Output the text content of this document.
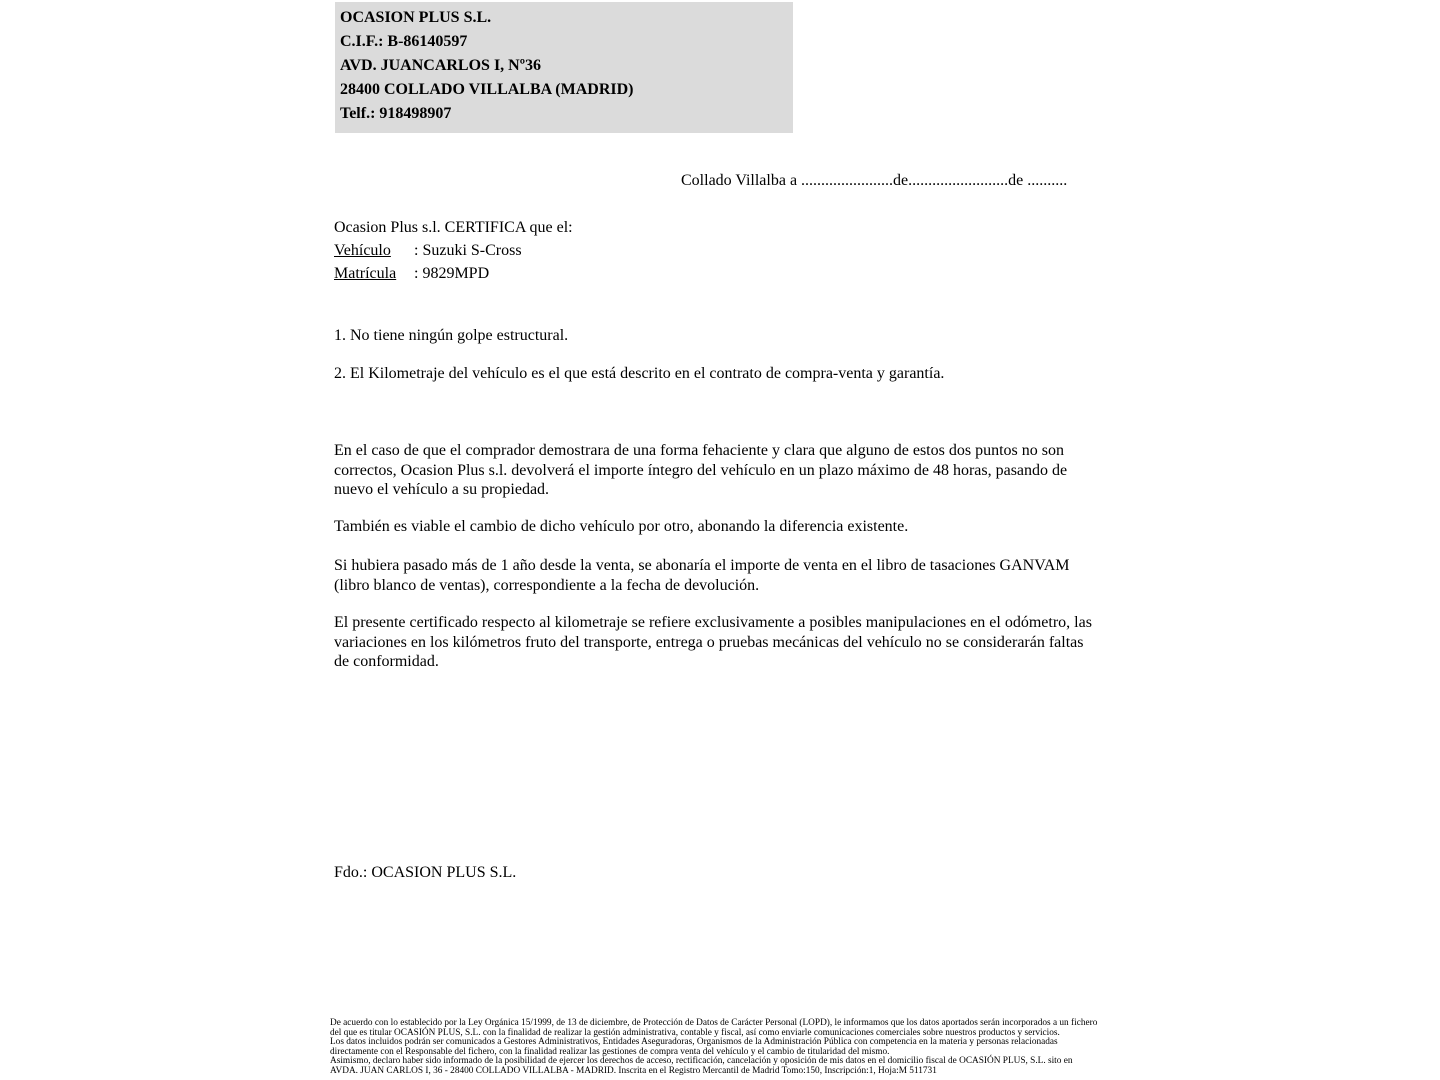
OCASION PLUS S.L.
C.I.F.: B-86140597
AVD. JUANCARLOS I, Nº36
28400 COLLADO VILLALBA (MADRID)
Telf.: 918498907
Collado Villalba a .......................de.........................de ..........
Ocasion Plus s.l. CERTIFICA que el:
Vehículo : Suzuki S-Cross
Matrícula : 9829MPD
1. No tiene ningún golpe estructural.
2. El Kilometraje del vehículo es el que está descrito en el contrato de compra-venta y garantía.
En el caso de que el comprador demostrara de una forma fehaciente y clara que alguno de estos dos puntos no son correctos, Ocasion Plus s.l. devolverá el importe íntegro del vehículo en un plazo máximo de 48 horas, pasando de nuevo el vehículo a su propiedad.
También es viable el cambio de dicho vehículo por otro, abonando la diferencia existente.
Si hubiera pasado más de 1 año desde la venta, se abonaría el importe de venta en el libro de tasaciones GANVAM (libro blanco de ventas), correspondiente a la fecha de devolución.
El presente certificado respecto al kilometraje se refiere exclusivamente a posibles manipulaciones en el odómetro, las variaciones en los kilómetros fruto del transporte, entrega o pruebas mecánicas del vehículo no se considerarán faltas de conformidad.
Fdo.: OCASION PLUS S.L.
De acuerdo con lo establecido por la Ley Orgánica 15/1999, de 13 de diciembre, de Protección de Datos de Carácter Personal (LOPD), le informamos que los datos aportados serán incorporados a un fichero del que es titular OCASIÓN PLUS, S.L. con la finalidad de realizar la gestión administrativa, contable y fiscal, así como enviarle comunicaciones comerciales sobre nuestros productos y servicios.
Los datos incluidos podrán ser comunicados a Gestores Administrativos, Entidades Aseguradoras, Organismos de la Administración Pública con competencia en la materia y personas relacionadas directamente con el Responsable del fichero, con la finalidad realizar las gestiones de compra venta del vehículo y el cambio de titularidad del mismo.
Asimismo, declaro haber sido informado de la posibilidad de ejercer los derechos de acceso, rectificación, cancelación y oposición de mis datos en el domicilio fiscal de OCASIÓN PLUS, S.L. sito en AVDA. JUAN CARLOS I, 36 - 28400 COLLADO VILLALBA - MADRID. Inscrita en el Registro Mercantil de Madrid Tomo:150, Inscripción:1, Hoja:M 511731
